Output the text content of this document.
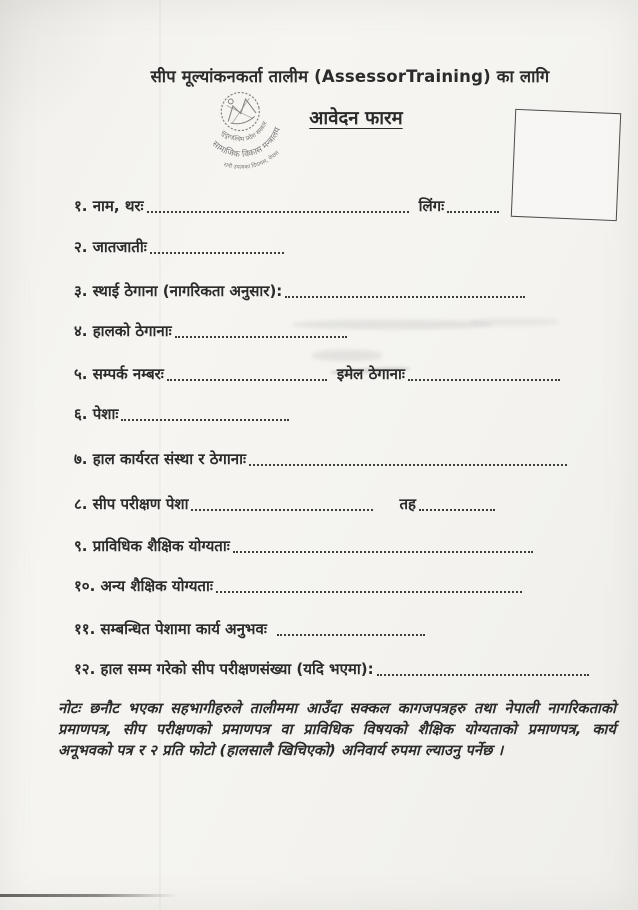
सीप मूल्यांकनकर्ता तालीम (AssessorTraining) का लागि
आवेदन फारम
सुदूरपश्चिम प्रदेश सरकार
सामाजिक विकास मन्त्रालय
रानी उपत्यका दिपायल, नेपाल
१. नाम, थरः	लिंगः
२. जातजातीः
३. स्थाई ठेगाना (नागरिकता अनुसार):
४. हालको ठेगानाः
५. सम्पर्क नम्बरः	इमेल ठेगानाः
६. पेशाः
७. हाल कार्यरत संस्था र ठेगानाः
८. सीप परीक्षण पेशा	तह
९. प्राविधिक शैक्षिक योग्यताः
१०. अन्य शैक्षिक योग्यताः
११. सम्बन्धित पेशामा कार्य अनुभवः
१२. हाल सम्म गरेको सीप परीक्षणसंख्या (यदि भएमा):
नोटः छनौट भएका सहभागीहरुले तालीममा आउँदा सक्कल कागजपत्रहरु तथा नेपाली नागरिकताको प्रमाणपत्र, सीप परीक्षणको प्रमाणपत्र वा प्राविधिक विषयको शैक्षिक योग्यताको प्रमाणपत्र, कार्य अनूभवको पत्र र २ प्रति फोटो (हालसालै खिचिएको) अनिवार्य रुपमा ल्याउनु पर्नेछ ।
